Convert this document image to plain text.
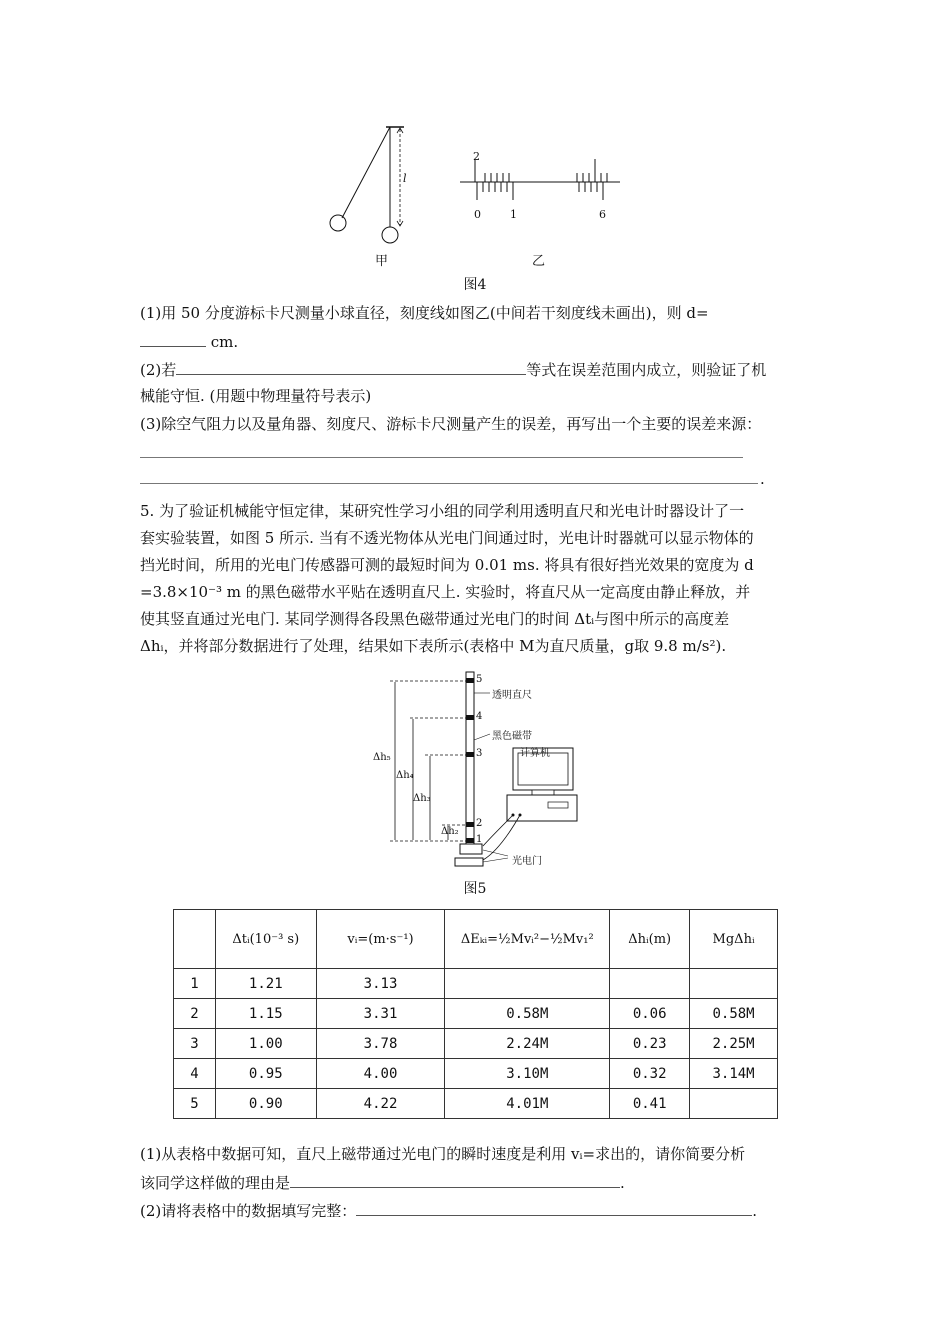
l
2
0	1	6
甲	乙
图4
(1)用 50 分度游标卡尺测量小球直径，刻度线如图乙(中间若干刻度线未画出)，则 d=
cm.
(2)若	等式在误差范围内成立，则验证了机
械能守恒. (用题中物理量符号表示)
(3)除空气阻力以及量角器、刻度尺、游标卡尺测量产生的误差，再写出一个主要的误差来源：
.
5. 为了验证机械能守恒定律，某研究性学习小组的同学利用透明直尺和光电计时器设计了一
套实验装置，如图 5 所示. 当有不透光物体从光电门间通过时，光电计时器就可以显示物体的
挡光时间，所用的光电门传感器可测的最短时间为 0.01 ms. 将具有很好挡光效果的宽度为 d
=3.8×10⁻³ m 的黑色磁带水平贴在透明直尺上. 实验时，将直尺从一定高度由静止释放，并
使其竖直通过光电门. 某同学测得各段黑色磁带通过光电门的时间 Δtᵢ与图中所示的高度差
Δhᵢ，并将部分数据进行了处理，结果如下表所示(表格中 M为直尺质量，g取 9.8 m/s²).
5
4
3
2
1
透明直尺
黑色磁带
计算机
光电门
Δh₅
Δh₄
Δh₃
Δh₂
图5
	Δtᵢ(10⁻³ s)	vᵢ=(m·s⁻¹)	ΔEₖᵢ=½Mvᵢ²−½Mv₁²	Δhᵢ(m)	MgΔhᵢ
1	1.21	3.13			
2	1.15	3.31	0.58M	0.06	0.58M
3	1.00	3.78	2.24M	0.23	2.25M
4	0.95	4.00	3.10M	0.32	3.14M
5	0.90	4.22	4.01M	0.41	
(1)从表格中数据可知，直尺上磁带通过光电门的瞬时速度是利用 vᵢ=求出的，请你简要分析
该同学这样做的理由是	.
(2)请将表格中的数据填写完整：	.
